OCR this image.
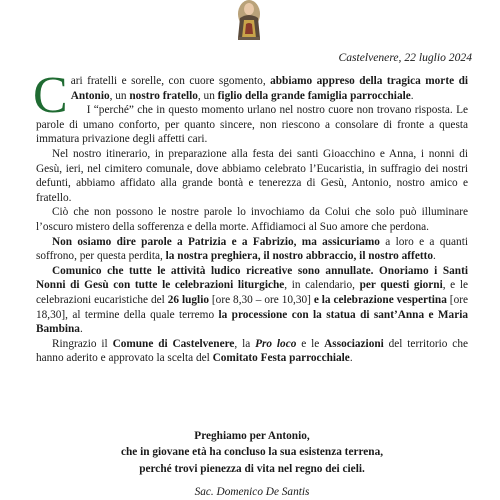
Castelvenere, 22 luglio 2024

Cari fratelli e sorelle, con cuore sgomento, abbiamo appreso della tragica morte di Antonio, un nostro fratello, un figlio della grande famiglia parrocchiale.

I “perché” che in questo momento urlano nel nostro cuore non trovano risposta. Le parole di umano conforto, per quanto sincere, non riescono a consolare di fronte a questa immatura privazione degli affetti cari.

Nel nostro itinerario, in preparazione alla festa dei santi Gioacchino e Anna, i nonni di Gesù, ieri, nel cimitero comunale, dove abbiamo celebrato l’Eucaristia, in suffragio dei nostri defunti, abbiamo affidato alla grande bontà e tenerezza di Gesù, Antonio, nostro amico e fratello.

Ciò che non possono le nostre parole lo invochiamo da Colui che solo può illuminare l’oscuro mistero della sofferenza e della morte. Affidiamoci al Suo amore che perdona.

Non osiamo dire parole a Patrizia e a Fabrizio, ma assicuriamo a loro e a quanti soffrono, per questa perdita, la nostra preghiera, il nostro abbraccio, il nostro affetto.

Comunico che tutte le attività ludico ricreative sono annullate. Onoriamo i Santi Nonni di Gesù con tutte le celebrazioni liturgiche, in calendario, per questi giorni, e le celebrazioni eucaristiche del 26 luglio [ore 8,30 – ore 10,30] e la celebrazione vespertina [ore 18,30], al termine della quale terremo la processione con la statua di sant’Anna e Maria Bambina.

Ringrazio il Comune di Castelvenere, la Pro loco e le Associazioni del territorio che hanno aderito e approvato la scelta del Comitato Festa parrocchiale.

Preghiamo per Antonio,
che in giovane età ha concluso la sua esistenza terrena,
perché trovi pienezza di vita nel regno dei cieli.
Sac. Domenico De Santis
